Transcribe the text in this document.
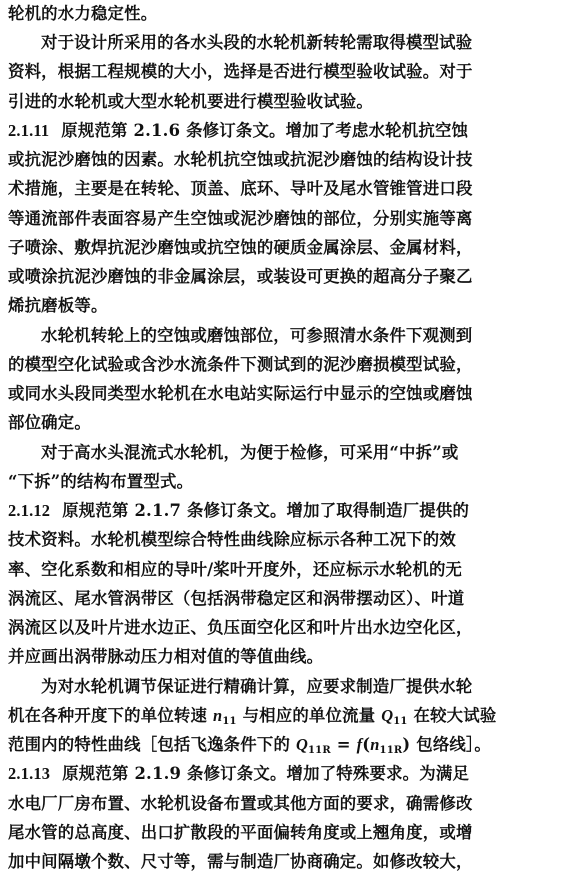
轮机的水力稳定性。
对于设计所采用的各水头段的水轮机新转轮需取得模型试验
资料，根据工程规模的大小，选择是否进行模型验收试验。对于
引进的水轮机或大型水轮机要进行模型验收试验。
2.1.11 原规范第 2.1.6 条修订条文。增加了考虑水轮机抗空蚀
或抗泥沙磨蚀的因素。水轮机抗空蚀或抗泥沙磨蚀的结构设计技
术措施，主要是在转轮、顶盖、底环、导叶及尾水管锥管进口段
等通流部件表面容易产生空蚀或泥沙磨蚀的部位，分别实施等离
子喷涂、敷焊抗泥沙磨蚀或抗空蚀的硬质金属涂层、金属材料，
或喷涂抗泥沙磨蚀的非金属涂层，或装设可更换的超高分子聚乙
烯抗磨板等。
水轮机转轮上的空蚀或磨蚀部位，可参照清水条件下观测到
的模型空化试验或含沙水流条件下测试到的泥沙磨损模型试验，
或同水头段同类型水轮机在水电站实际运行中显示的空蚀或磨蚀
部位确定。
对于高水头混流式水轮机，为便于检修，可采用“中拆”或
“下拆”的结构布置型式。
2.1.12 原规范第 2.1.7 条修订条文。增加了取得制造厂提供的
技术资料。水轮机模型综合特性曲线除应标示各种工况下的效
率、空化系数和相应的导叶/桨叶开度外，还应标示水轮机的无
涡流区、尾水管涡带区（包括涡带稳定区和涡带摆动区）、叶道
涡流区以及叶片进水边正、负压面空化区和叶片出水边空化区，
并应画出涡带脉动压力相对值的等值曲线。
为对水轮机调节保证进行精确计算，应要求制造厂提供水轮
机在各种开度下的单位转速 $n_{11}$ 与相应的单位流量 $Q_{11}$ 在较大试验
范围内的特性曲线［包括飞逸条件下的 $Q_{11R} = f(n_{11R})$ 包络线］。
2.1.13 原规范第 2.1.9 条修订条文。增加了特殊要求。为满足
水电厂厂房布置、水轮机设备布置或其他方面的要求，确需修改
尾水管的总高度、出口扩散段的平面偏转角度或上翘角度，或增
加中间隔墩个数、尺寸等，需与制造厂协商确定。如修改较大，
